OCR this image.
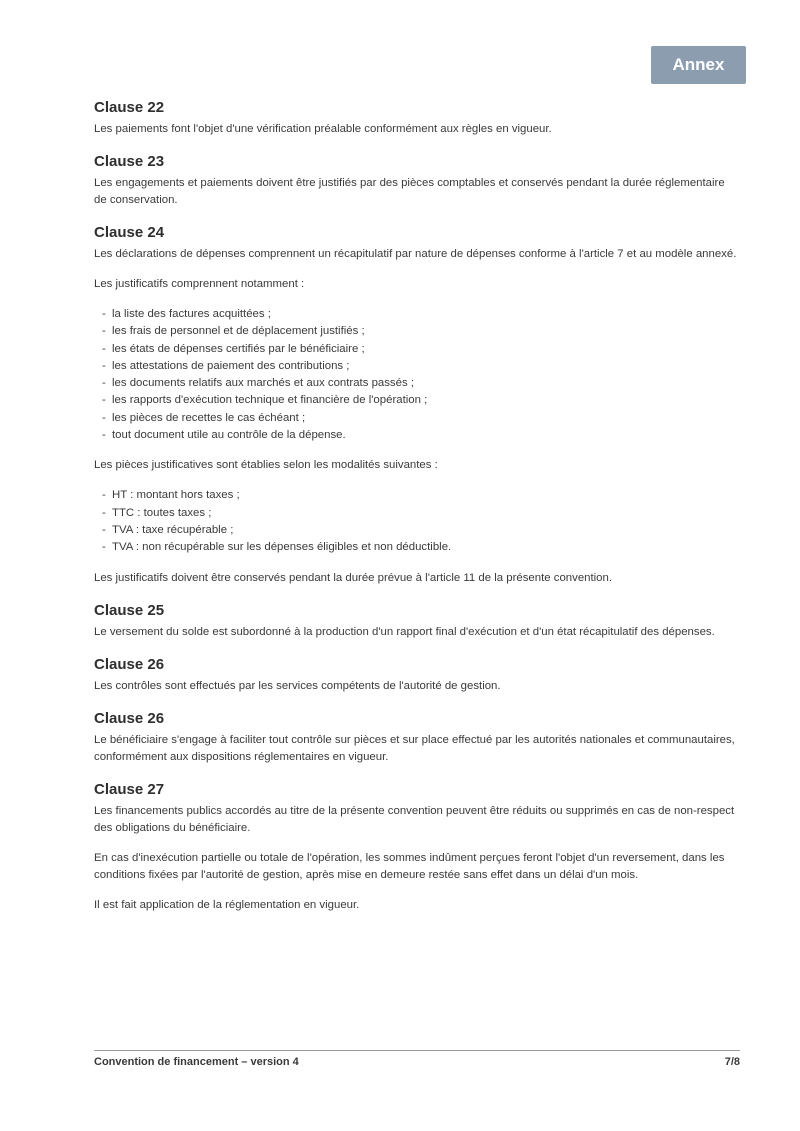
Annex
Clause 22

Les paiements font l'objet d'une vérification préalable conformément aux règles en vigueur.

Clause 23

Les engagements et paiements doivent être justifiés par des pièces comptables et conservés pendant la durée réglementaire de conservation.

Clause 24

Les déclarations de dépenses comprennent un récapitulatif par nature de dépenses conforme à l'article 7 et au modèle annexé.

Les justificatifs comprennent notamment :

- la liste des factures acquittées ;
- les frais de personnel et de déplacement justifiés ;
- les états de dépenses certifiés par le bénéficiaire ;
- les attestations de paiement des contributions ;
- les documents relatifs aux marchés et aux contrats passés ;
- les rapports d'exécution technique et financière de l'opération ;
- les pièces de recettes le cas échéant ;
- tout document utile au contrôle de la dépense.

Les pièces justificatives sont établies selon les modalités suivantes :

- HT : montant hors taxes ;
- TTC : toutes taxes ;
- TVA : taxe récupérable ;
- TVA : non récupérable sur les dépenses éligibles et non déductible.

Les justificatifs doivent être conservés pendant la durée prévue à l'article 11 de la présente convention.

Clause 25

Le versement du solde est subordonné à la production d'un rapport final d'exécution et d'un état récapitulatif des dépenses.

Clause 26

Les contrôles sont effectués par les services compétents de l'autorité de gestion.

Clause 26

Le bénéficiaire s'engage à faciliter tout contrôle sur pièces et sur place effectué par les autorités nationales et communautaires, conformément aux dispositions réglementaires en vigueur.

Clause 27

Les financements publics accordés au titre de la présente convention peuvent être réduits ou supprimés en cas de non-respect des obligations du bénéficiaire.

En cas d'inexécution partielle ou totale de l'opération, les sommes indûment perçues feront l'objet d'un reversement, dans les conditions fixées par l'autorité de gestion, après mise en demeure restée sans effet dans un délai d'un mois.

Il est fait application de la réglementation en vigueur.

Convention de financement – version 4	7/8
